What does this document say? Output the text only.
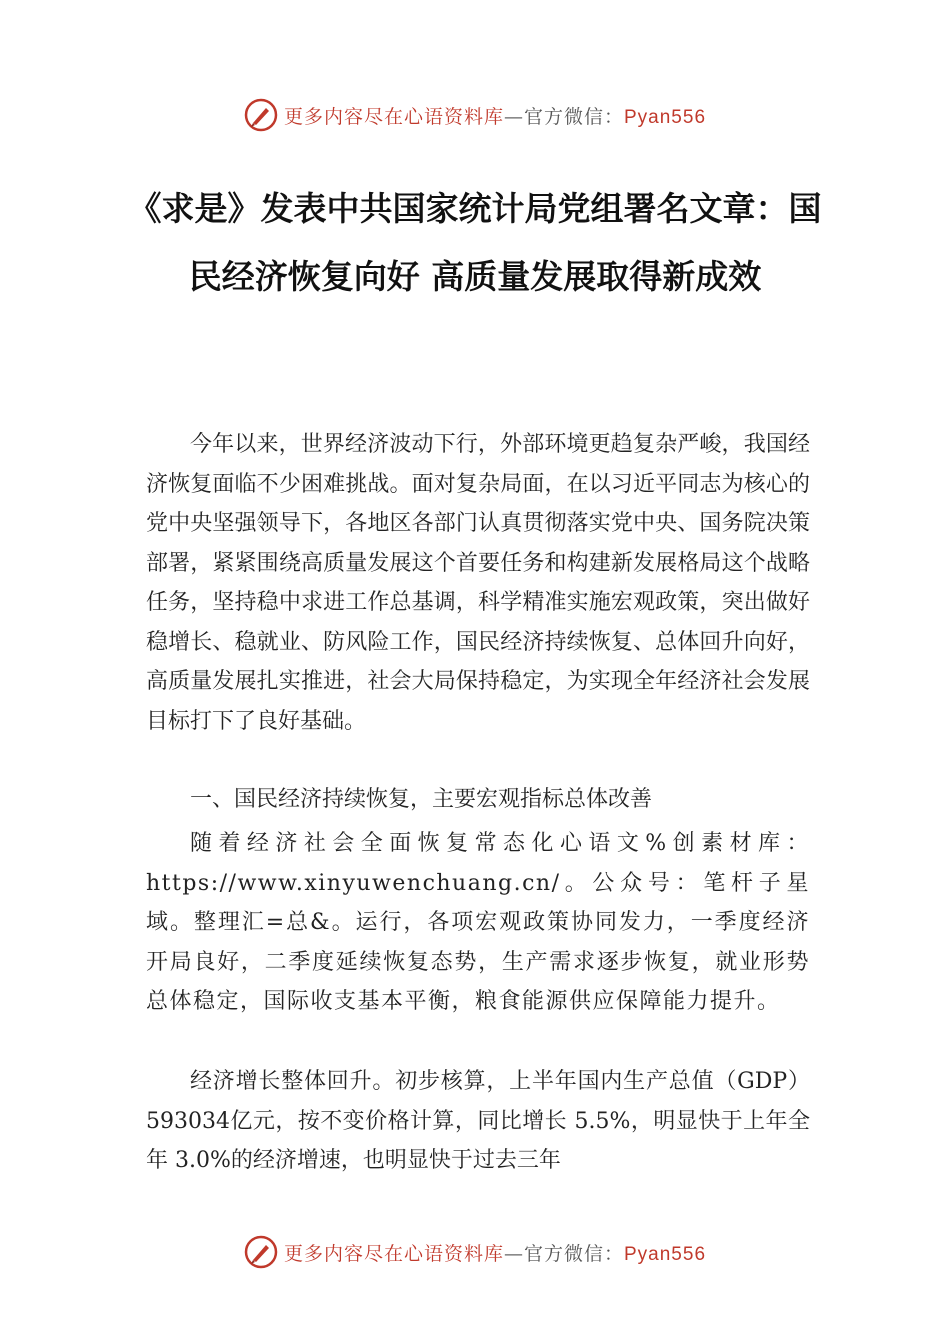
更多内容尽在心语资料库—官方微信：Pyan556
《求是》发表中共国家统计局党组署名文章：国民经济恢复向好 高质量发展取得新成效

今年以来，世界经济波动下行，外部环境更趋复杂严峻，我国经济恢复面临不少困难挑战。面对复杂局面，在以习近平同志为核心的党中央坚强领导下，各地区各部门认真贯彻落实党中央、国务院决策部署，紧紧围绕高质量发展这个首要任务和构建新发展格局这个战略任务，坚持稳中求进工作总基调，科学精准实施宏观政策，突出做好稳增长、稳就业、防风险工作，国民经济持续恢复、总体回升向好，高质量发展扎实推进，社会大局保持稳定，为实现全年经济社会发展目标打下了良好基础。

一、国民经济持续恢复，主要宏观指标总体改善

随着经济社会全面恢复常态化心语文%创素材库：https://www.xinyuwenchuang.cn/。公众号：笔杆子星域。整理汇=总&。运行，各项宏观政策协同发力，一季度经济开局良好，二季度延续恢复态势，生产需求逐步恢复，就业形势总体稳定，国际收支基本平衡，粮食能源供应保障能力提升。

经济增长整体回升。初步核算，上半年国内生产总值（GDP）593034亿元，按不变价格计算，同比增长 5.5%，明显快于上年全年 3.0%的经济增速，也明显快于过去三年

更多内容尽在心语资料库—官方微信：Pyan556
